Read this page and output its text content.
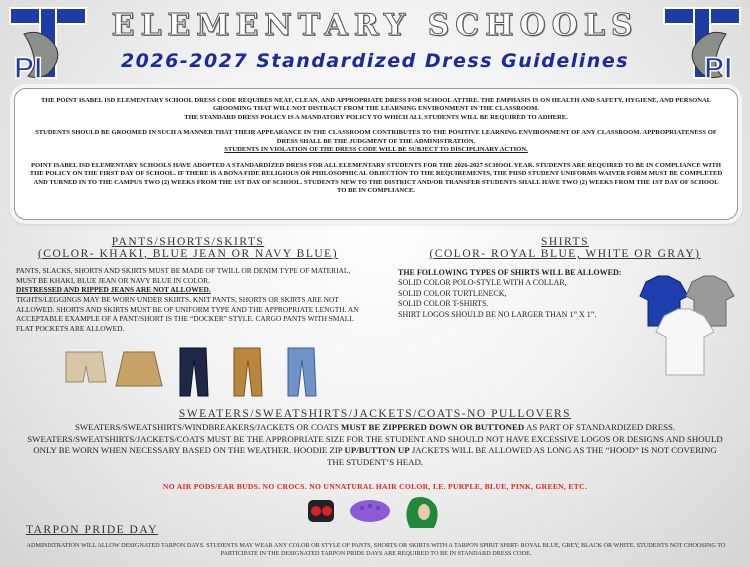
PI	PI
ELEMENTARY SCHOOLS
2026-2027 Standardized Dress Guidelines

THE POINT ISABEL ISD ELEMENTARY SCHOOL DRESS CODE REQUIRES NEAT, CLEAN, AND APPROPRIATE DRESS FOR SCHOOL ATTIRE. THE EMPHASIS IS ON HEALTH AND SAFETY, HYGIENE, AND PERSONAL GROOMING THAT WILL NOT DISTRACT FROM THE LEARNING ENVIRONMENT IN THE CLASSROOM.
THE STANDARD DRESS POLICY IS A MANDATORY POLICY TO WHICH ALL STUDENTS WILL BE REQUIRED TO ADHERE.

STUDENTS SHOULD BE GROOMED IN SUCH A MANNER THAT THEIR APPEARANCE IN THE CLASSROOM CONTRIBUTES TO THE POSITIVE LEARNING ENVIRONMENT OF ANY CLASSROOM. APPROPRIATENESS OF DRESS SHALL BE THE JUDGMENT OF THE ADMINISTRATION.
STUDENTS IN VIOLATION OF THE DRESS CODE WILL BE SUBJECT TO DISCIPLINARY ACTION.

POINT ISABEL ISD ELEMENTARY SCHOOLS HAVE ADOPTED A STANDARDIZED DRESS FOR ALL ELEMENTARY STUDENTS FOR THE 2026-2027 SCHOOL YEAR. STUDENTS ARE REQUIRED TO BE IN COMPLIANCE WITH THE POLICY ON THE FIRST DAY OF SCHOOL. IF THERE IS A BONA FIDE RELIGIOUS OR PHILOSOPHICAL OBJECTION TO THE REQUIREMENTS, THE PIISD STUDENT UNIFORMS WAIVER FORM MUST BE COMPLETED AND TURNED IN TO THE CAMPUS TWO (2) WEEKS FROM THE 1ST DAY OF SCHOOL. STUDENTS NEW TO THE DISTRICT AND/OR TRANSFER STUDENTS SHALL HAVE TWO (2) WEEKS FROM THE 1ST DAY OF SCHOOL TO BE IN COMPLIANCE.

PANTS/SHORTS/SKIRTS
(COLOR- KHAKI, BLUE JEAN OR NAVY BLUE)
PANTS, SLACKS, SHORTS AND SKIRTS MUST BE MADE OF TWILL OR DENIM TYPE OF MATERIAL, MUST BE KHAKI, BLUE JEAN OR NAVY BLUE IN COLOR.
DISTRESSED AND RIPPED JEANS ARE NOT ALLOWED.
TIGHTS/LEGGINGS MAY BE WORN UNDER SKIRTS. KNIT PANTS, SHORTS OR SKIRTS ARE NOT ALLOWED. SHORTS AND SKIRTS MUST BE OF UNIFORM TYPE AND THE APPROPRIATE LENGTH. AN ACCEPTABLE EXAMPLE OF A PANT/SHORT IS THE “DOCKER” STYLE. CARGO PANTS WITH SMALL FLAT POCKETS ARE ALLOWED.
SHIRTS
(COLOR- ROYAL BLUE, WHITE OR GRAY)
THE FOLLOWING TYPES OF SHIRTS WILL BE ALLOWED:
SOLID COLOR POLO-STYLE WITH A COLLAR,
SOLID COLOR TURTLENECK,
SOLID COLOR T-SHIRTS.
SHIRT LOGOS SHOULD BE NO LARGER THAN 1” X 1”.
SWEATERS/SWEATSHIRTS/JACKETS/COATS-NO PULLOVERS
SWEATERS/SWEATSHIRTS/WINDBREAKERS/JACKETS OR COATS MUST BE ZIPPERED DOWN OR BUTTONED AS PART OF STANDARDIZED DRESS. SWEATERS/SWEATSHIRTS/JACKETS/COATS MUST BE THE APPROPRIATE SIZE FOR THE STUDENT AND SHOULD NOT HAVE EXCESSIVE LOGOS OR DESIGNS AND SHOULD ONLY BE WORN WHEN NECESSARY BASED ON THE WEATHER. HOODIE ZIP UP/BUTTON UP JACKETS WILL BE ALLOWED AS LONG AS THE “HOOD” IS NOT COVERING THE STUDENT’S HEAD.
NO AIR PODS/EAR BUDS. NO CROCS. NO UNNATURAL HAIR COLOR, I.E. PURPLE, BLUE, PINK, GREEN, ETC.
TARPON PRIDE DAY
ADMINISTRATION WILL ALLOW DESIGNATED TARPON DAYS. STUDENTS MAY WEAR ANY COLOR OR STYLE OF PANTS, SHORTS OR SKIRTS WITH A TARPON SPIRIT SHIRT- ROYAL BLUE, GREY, BLACK OR WHITE. STUDENTS NOT CHOOSING TO PARTICIPATE IN THE DESIGNATED TARPON PRIDE DAYS ARE REQUIRED TO BE IN STANDARD DRESS CODE.
